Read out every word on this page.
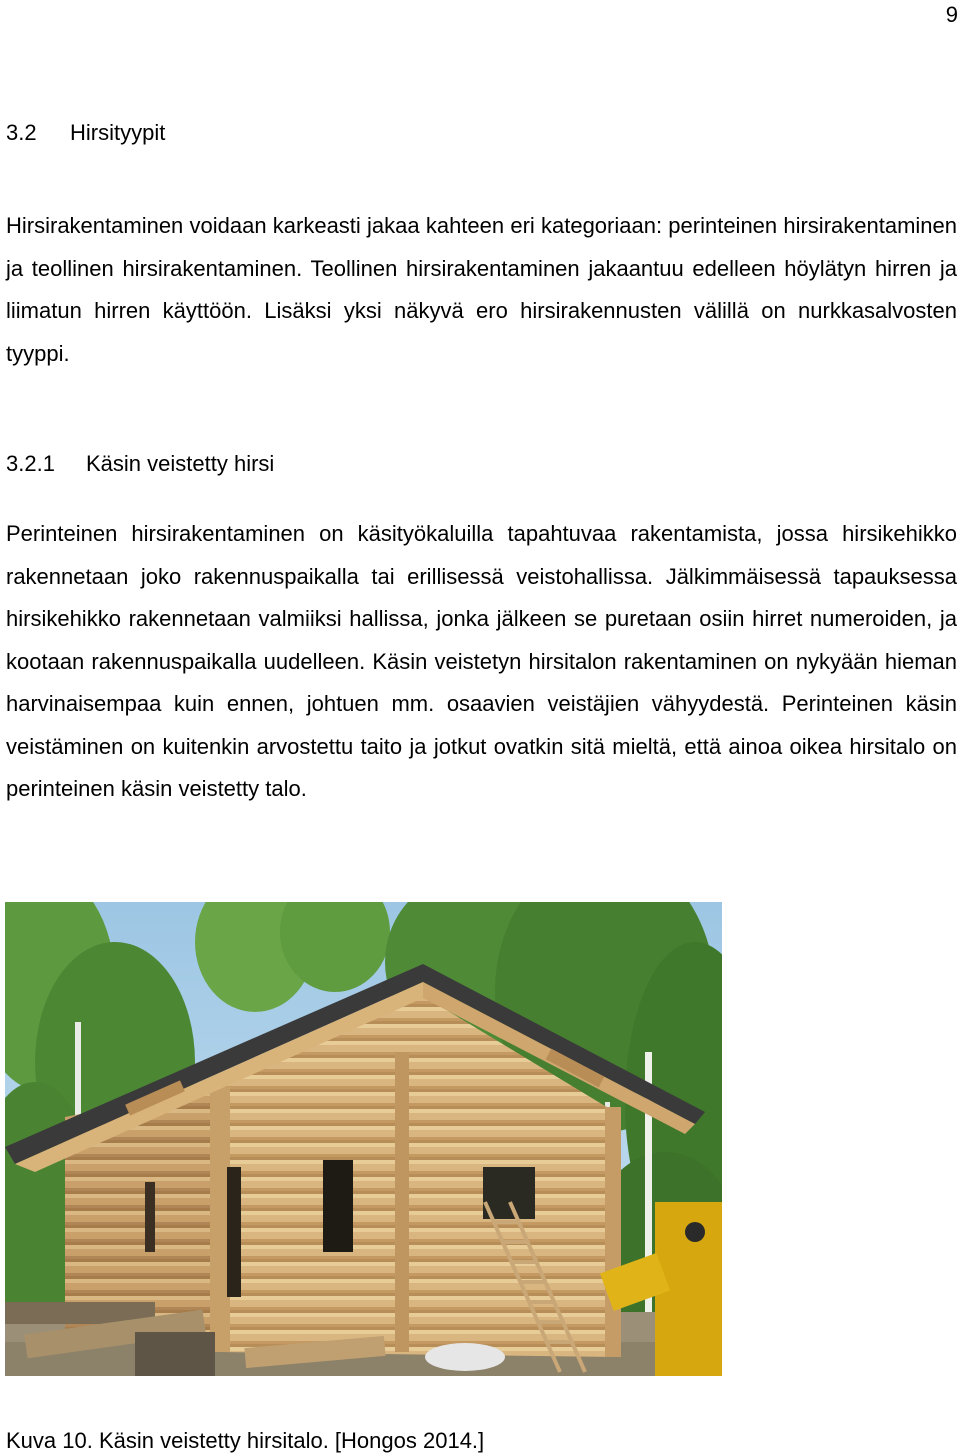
9
3.2 Hirsityypit

Hirsirakentaminen voidaan karkeasti jakaa kahteen eri kategoriaan: perinteinen hirsirakentaminen ja teollinen hirsirakentaminen. Teollinen hirsirakentaminen jakaantuu edelleen höylätyn hirren ja liimatun hirren käyttöön. Lisäksi yksi näkyvä ero hirsirakennusten välillä on nurkkasalvosten tyyppi.

3.2.1 Käsin veistetty hirsi

Perinteinen hirsirakentaminen on käsityökaluilla tapahtuvaa rakentamista, jossa hirsikehikko rakennetaan joko rakennuspaikalla tai erillisessä veistohallissa. Jälkimmäisessä tapauksessa hirsikehikko rakennetaan valmiiksi hallissa, jonka jälkeen se puretaan osiin hirret numeroiden, ja kootaan rakennuspaikalla uudelleen. Käsin veistetyn hirsitalon rakentaminen on nykyään hieman harvinaisempaa kuin ennen, johtuen mm. osaavien veistäjien vähyydestä. Perinteinen käsin veistäminen on kuitenkin arvostettu taito ja jotkut ovatkin sitä mieltä, että ainoa oikea hirsitalo on perinteinen käsin veistetty talo.

Kuva 10. Käsin veistetty hirsitalo. [Hongos 2014.]
